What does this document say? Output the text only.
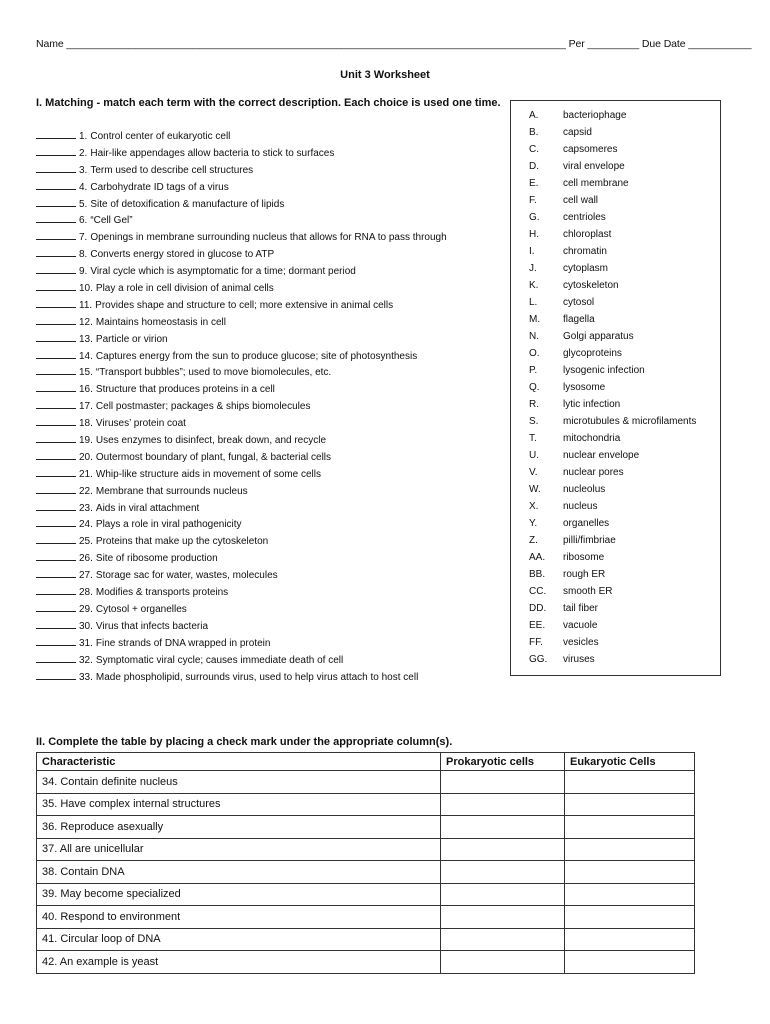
Name _______________________________________________________________________________________ Per _________ Due Date ___________
Unit 3 Worksheet
I. Matching - match each term with the correct description. Each choice is used one time.
1. Control center of eukaryotic cell
2. Hair-like appendages allow bacteria to stick to surfaces
3. Term used to describe cell structures
4. Carbohydrate ID tags of a virus
5. Site of detoxification & manufacture of lipids
6. “Cell Gel”
7. Openings in membrane surrounding nucleus that allows for RNA to pass through
8. Converts energy stored in glucose to ATP
9. Viral cycle which is asymptomatic for a time; dormant period
10. Play a role in cell division of animal cells
11. Provides shape and structure to cell; more extensive in animal cells
12. Maintains homeostasis in cell
13. Particle or virion
14. Captures energy from the sun to produce glucose; site of photosynthesis
15. “Transport bubbles”; used to move biomolecules, etc.
16. Structure that produces proteins in a cell
17. Cell postmaster; packages & ships biomolecules
18. Viruses’ protein coat
19. Uses enzymes to disinfect, break down, and recycle
20. Outermost boundary of plant, fungal, & bacterial cells
21. Whip-like structure aids in movement of some cells
22. Membrane that surrounds nucleus
23. Aids in viral attachment
24. Plays a role in viral pathogenicity
25. Proteins that make up the cytoskeleton
26. Site of ribosome production
27. Storage sac for water, wastes, molecules
28. Modifies & transports proteins
29. Cytosol + organelles
30. Virus that infects bacteria
31. Fine strands of DNA wrapped in protein
32. Symptomatic viral cycle; causes immediate death of cell
33. Made phospholipid, surrounds virus, used to help virus attach to host cell
A. bacteriophage
B. capsid
C. capsomeres
D. viral envelope
E. cell membrane
F.	cell wall
G. centrioles
H. chloroplast
I.	chromatin
J.	cytoplasm
K. cytoskeleton
L.	cytosol
M. flagella
N. Golgi apparatus
O. glycoproteins
P.	lysogenic infection
Q. lysosome
R. lytic infection
S. microtubules & microfilaments
T.	mitochondria
U. nuclear envelope
V.	nuclear pores
W. nucleolus
X. nucleus
Y.	organelles
Z.	pilli/fimbriae
AA. ribosome
BB. rough ER
CC. smooth ER
DD. tail fiber
EE. vacuole
FF. vesicles
GG. viruses
II. Complete the table by placing a check mark under the appropriate column(s).
Characteristic	Prokaryotic cells	Eukaryotic Cells
34. Contain definite nucleus		
35. Have complex internal structures		
36. Reproduce asexually		
37. All are unicellular		
38. Contain DNA		
39. May become specialized		
40. Respond to environment		
41. Circular loop of DNA		
42. An example is yeast		
